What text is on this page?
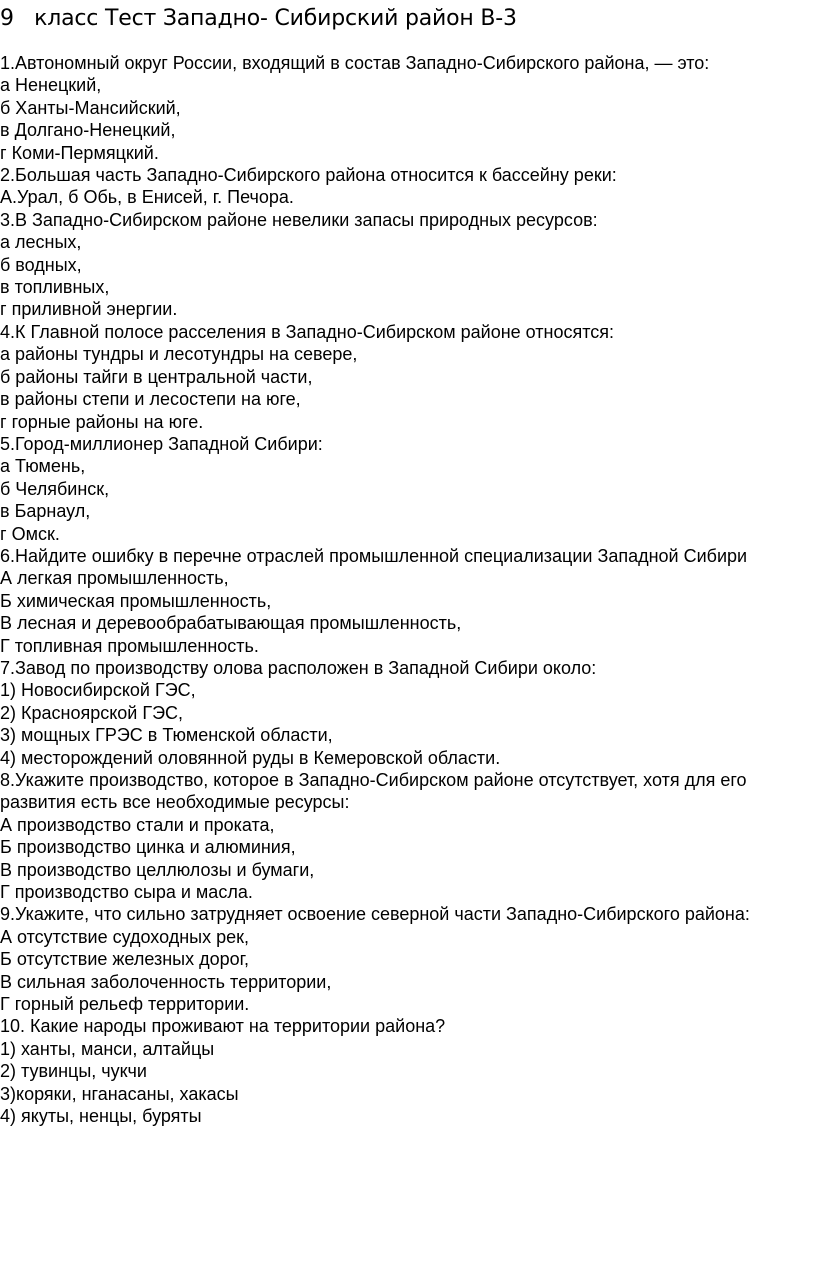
9   класс Тест Западно- Сибирский район В-3
1.Автономный округ России, входящий в состав Западно-Сибирского района, — это:
а Ненецкий,
б Ханты-Мансийский,
в Долгано-Ненецкий,
г Коми-Пермяцкий.
2.Большая часть Западно-Сибирского района относится к бассейну реки:
А.Урал, б Обь, в Енисей, г. Печора.
3.В Западно-Сибирском районе невелики запасы природных ресурсов:
а лесных,
б водных,
в топливных,
г приливной энергии.
4.К Главной полосе расселения в Западно-Сибирском районе относятся:
а районы тундры и лесотундры на севере,
б районы тайги в центральной части,
в районы степи и лесостепи на юге,
г горные районы на юге.
5.Город-миллионер Западной Сибири:
а Тюмень,
б Челябинск,
в Барнаул,
г Омск.
6.Найдите ошибку в перечне отраслей промышленной специализации Западной Сибири
А легкая промышленность,
Б химическая промышленность,
В лесная и деревообрабатывающая промышленность,
Г топливная промышленность.
7.Завод по производству олова расположен в Западной Сибири около:
1) Новосибирской ГЭС,
2) Красноярской ГЭС,
3) мощных ГРЭС в Тюменской области,
4) месторождений оловянной руды в Кемеровской области.
8.Укажите производство, которое в Западно-Сибирском районе отсутствует, хотя для его развития есть все необходимые ресурсы:
А производство стали и проката,
Б производство цинка и алюминия,
В производство целлюлозы и бумаги,
Г производство сыра и масла.
9.Укажите, что сильно затрудняет освоение северной части Западно-Сибирского района:
А отсутствие судоходных рек,
Б отсутствие железных дорог,
В сильная заболоченность территории,
Г горный рельеф территории.
10. Какие народы проживают на территории района?
1) ханты, манси, алтайцы
2) тувинцы, чукчи
3)коряки, нганасаны, хакасы
4) якуты, ненцы, буряты
